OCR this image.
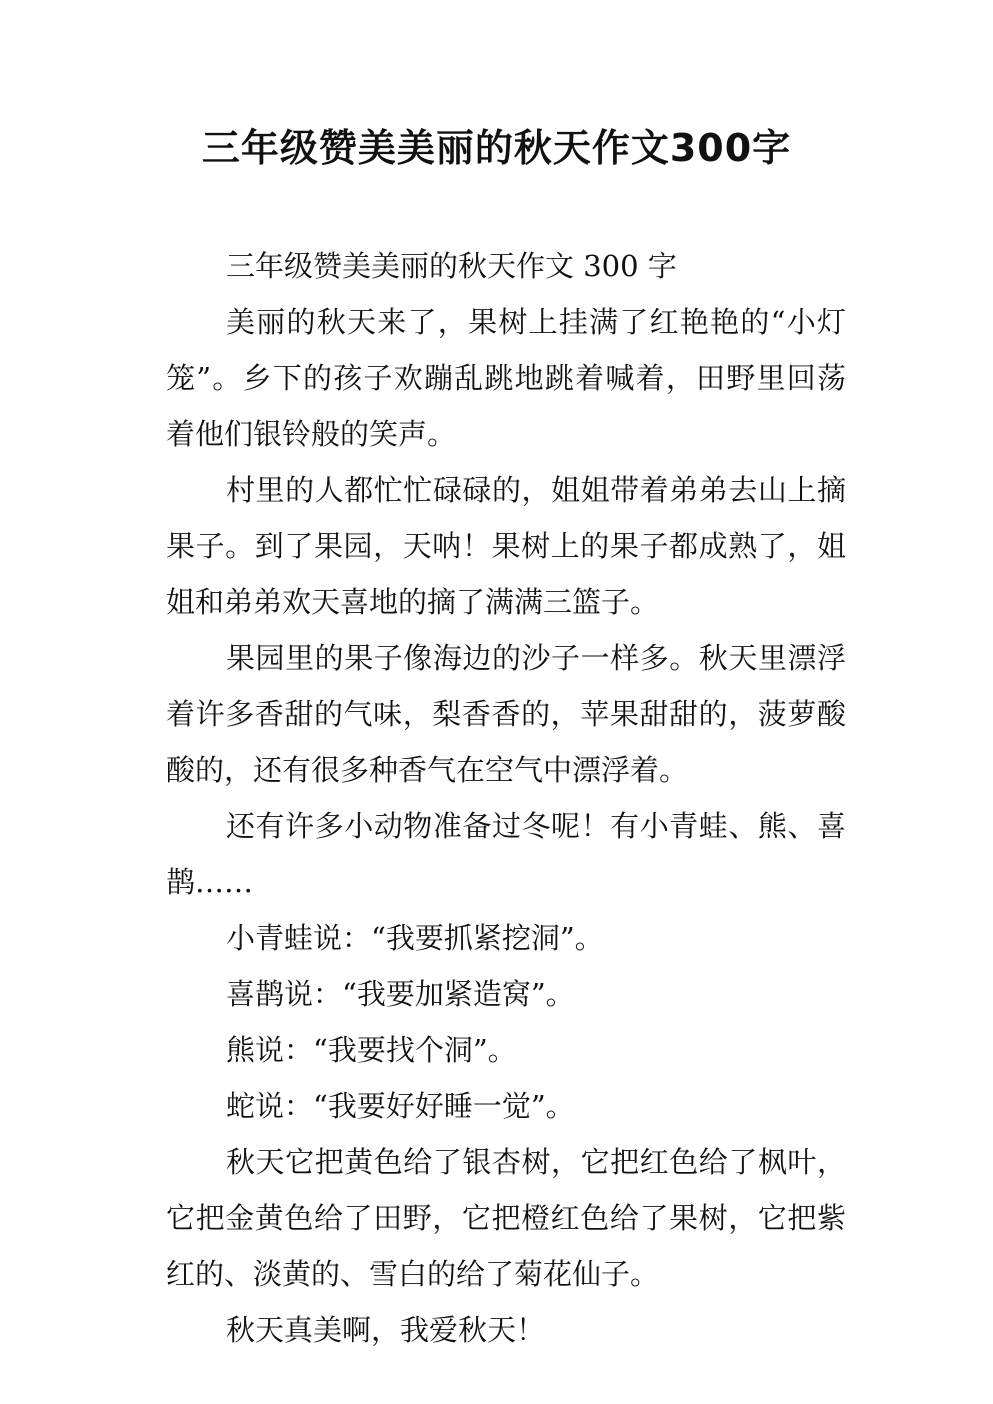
三年级赞美美丽的秋天作文300字

三年级赞美美丽的秋天作文 300 字

美丽的秋天来了，果树上挂满了红艳艳的“小灯笼”。乡下的孩子欢蹦乱跳地跳着喊着，田野里回荡着他们银铃般的笑声。

村里的人都忙忙碌碌的，姐姐带着弟弟去山上摘果子。到了果园，天呐！果树上的果子都成熟了，姐姐和弟弟欢天喜地的摘了满满三篮子。

果园里的果子像海边的沙子一样多。秋天里漂浮着许多香甜的气味，梨香香的，苹果甜甜的，菠萝酸酸的，还有很多种香气在空气中漂浮着。

还有许多小动物准备过冬呢！有小青蛙、熊、喜鹊……

小青蛙说：“我要抓紧挖洞”。

喜鹊说：“我要加紧造窝”。

熊说：“我要找个洞”。

蛇说：“我要好好睡一觉”。

秋天它把黄色给了银杏树，它把红色给了枫叶，它把金黄色给了田野，它把橙红色给了果树，它把紫红的、淡黄的、雪白的给了菊花仙子。

秋天真美啊，我爱秋天！
